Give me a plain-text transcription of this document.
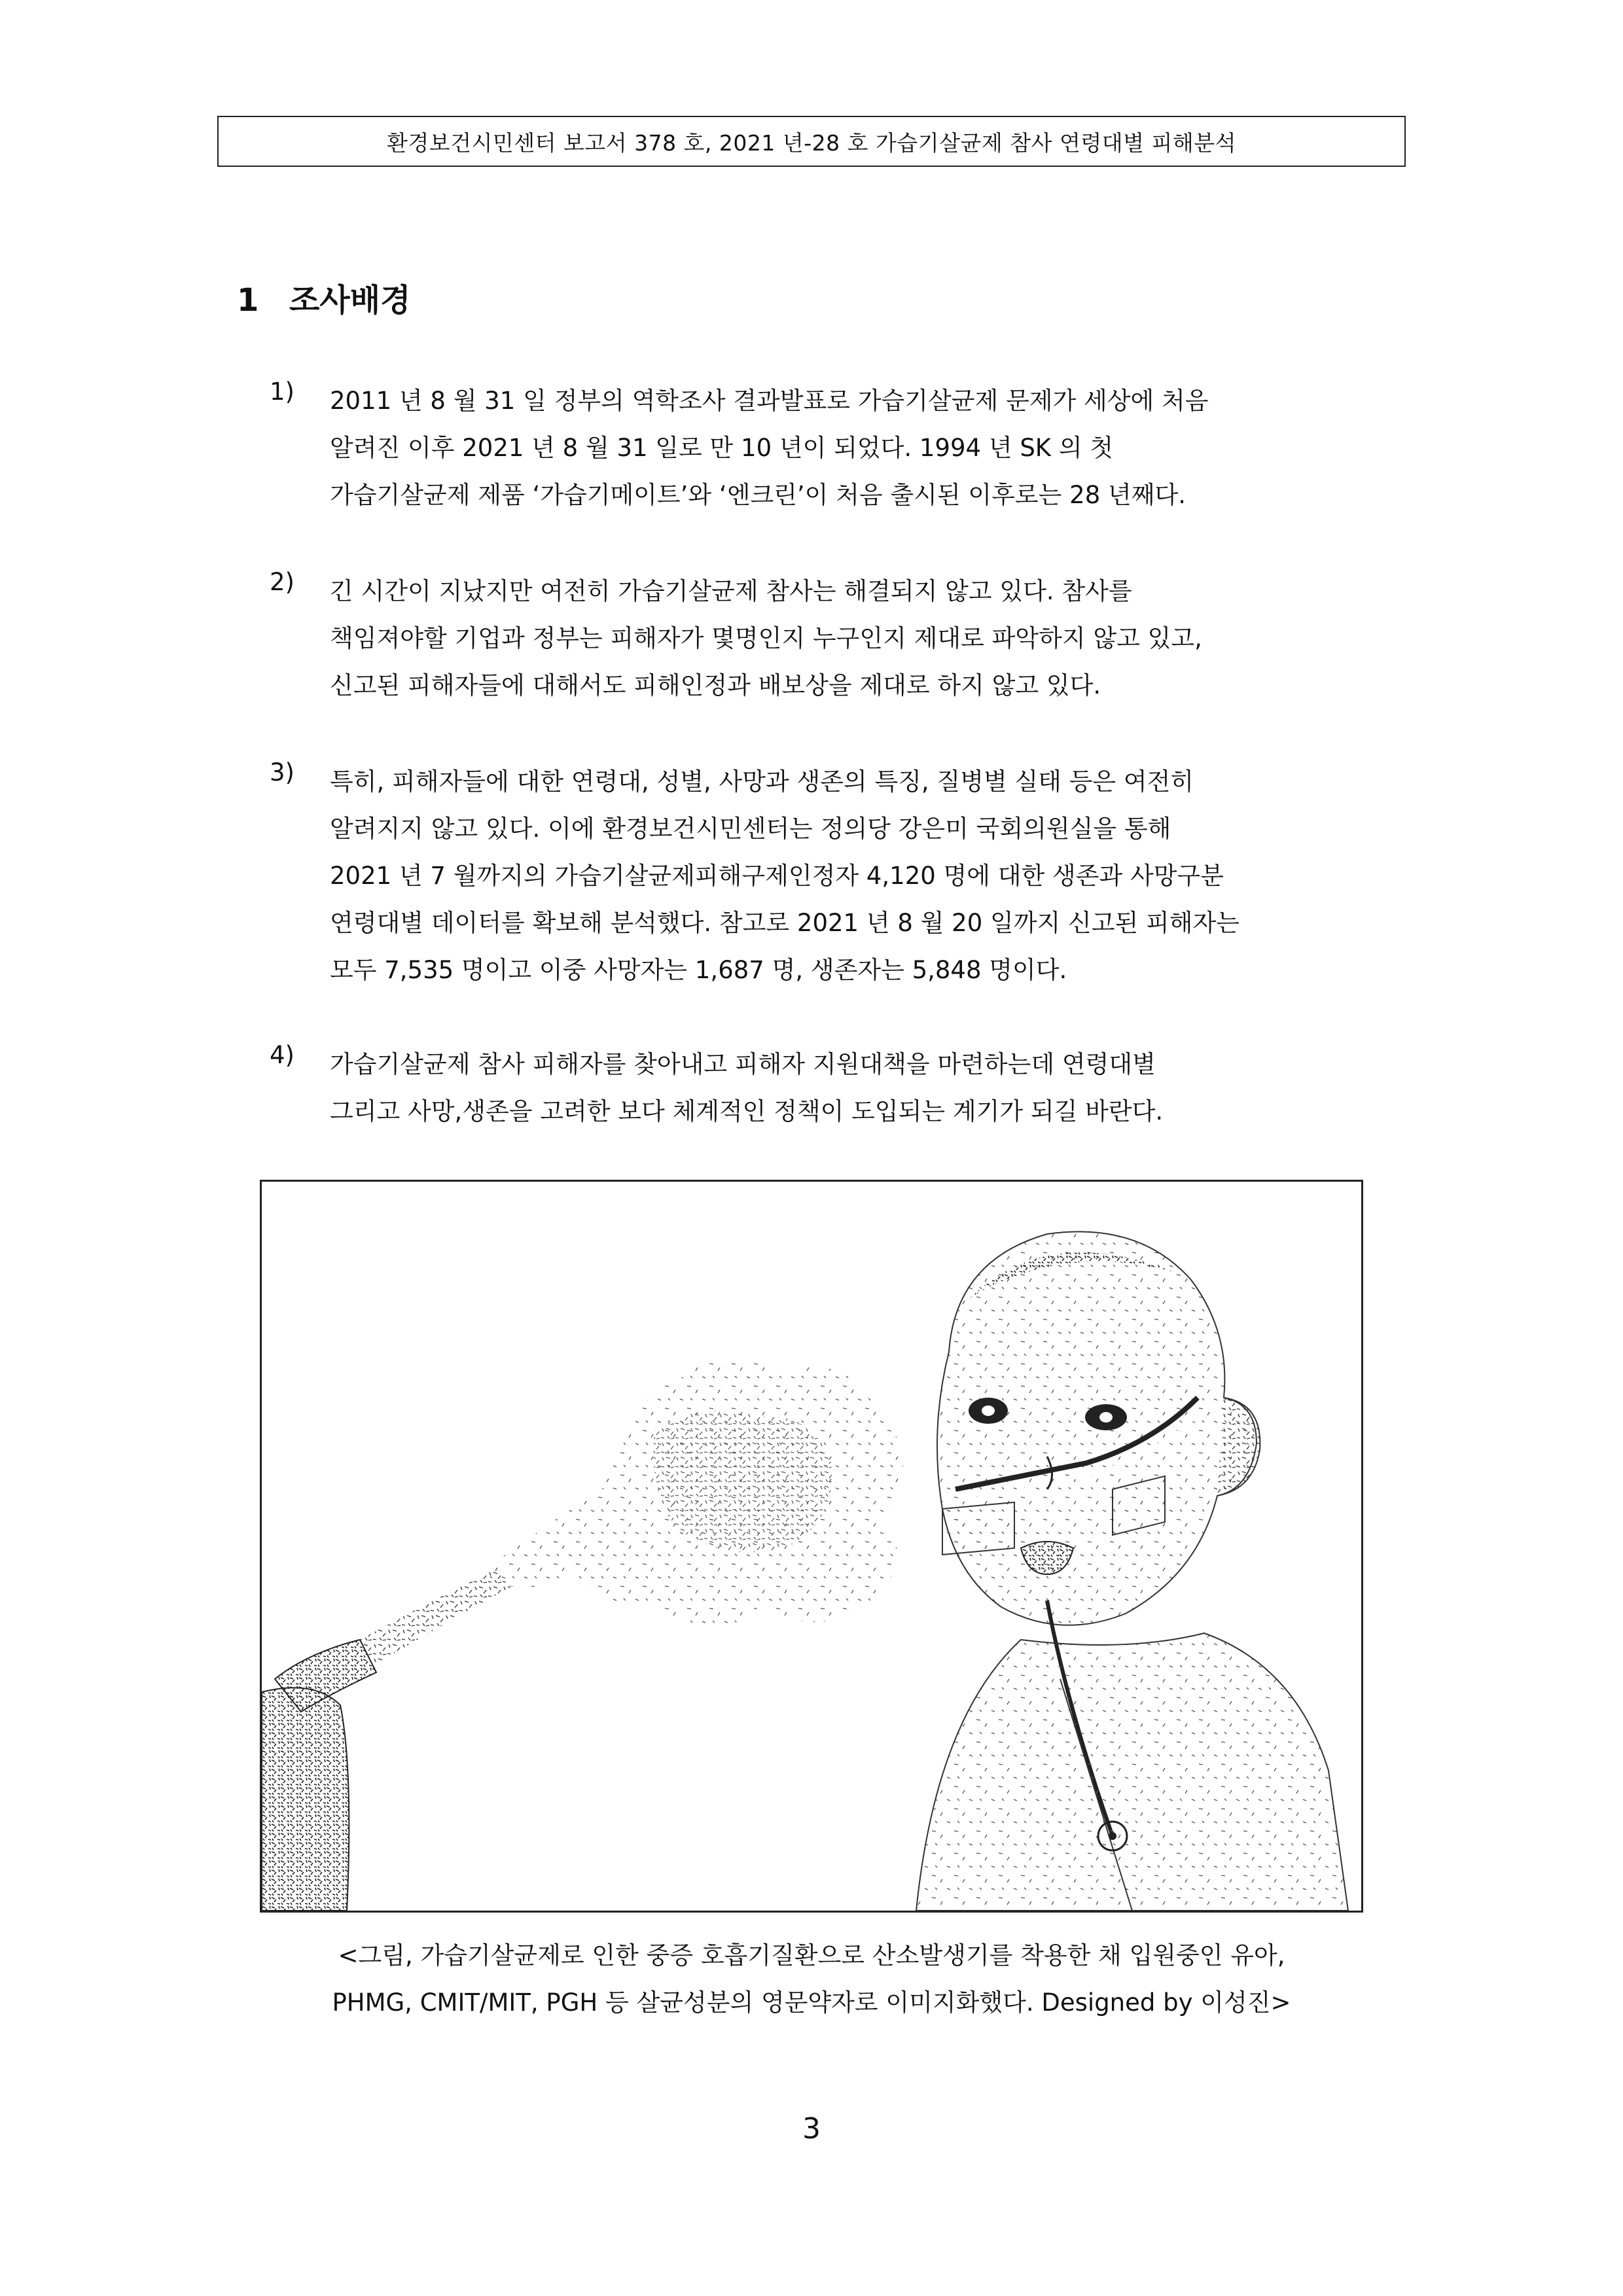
환경보건시민센터 보고서 378 호, 2021 년-28 호 가습기살균제 참사 연령대별 피해분석
1 조사배경
1) 2011 년 8 월 31 일 정부의 역학조사 결과발표로 가습기살균제 문제가 세상에 처음
알려진 이후 2021 년 8 월 31 일로 만 10 년이 되었다. 1994 년 SK 의 첫
가습기살균제 제품 ‘가습기메이트’와 ‘엔크린’이 처음 출시된 이후로는 28 년째다.
2) 긴 시간이 지났지만 여전히 가습기살균제 참사는 해결되지 않고 있다. 참사를
책임져야할 기업과 정부는 피해자가 몇명인지 누구인지 제대로 파악하지 않고 있고,
신고된 피해자들에 대해서도 피해인정과 배보상을 제대로 하지 않고 있다.
3) 특히, 피해자들에 대한 연령대, 성별, 사망과 생존의 특징, 질병별 실태 등은 여전히
알려지지 않고 있다. 이에 환경보건시민센터는 정의당 강은미 국회의원실을 통해
2021 년 7 월까지의 가습기살균제피해구제인정자 4,120 명에 대한 생존과 사망구분
연령대별 데이터를 확보해 분석했다. 참고로 2021 년 8 월 20 일까지 신고된 피해자는
모두 7,535 명이고 이중 사망자는 1,687 명, 생존자는 5,848 명이다.
4) 가습기살균제 참사 피해자를 찾아내고 피해자 지원대책을 마련하는데 연령대별
그리고 사망,생존을 고려한 보다 체계적인 정책이 도입되는 계기가 되길 바란다.
<그림, 가습기살균제로 인한 중증 호흡기질환으로 산소발생기를 착용한 채 입원중인 유아,
PHMG, CMIT/MIT, PGH 등 살균성분의 영문약자로 이미지화했다. Designed by 이성진>
3
